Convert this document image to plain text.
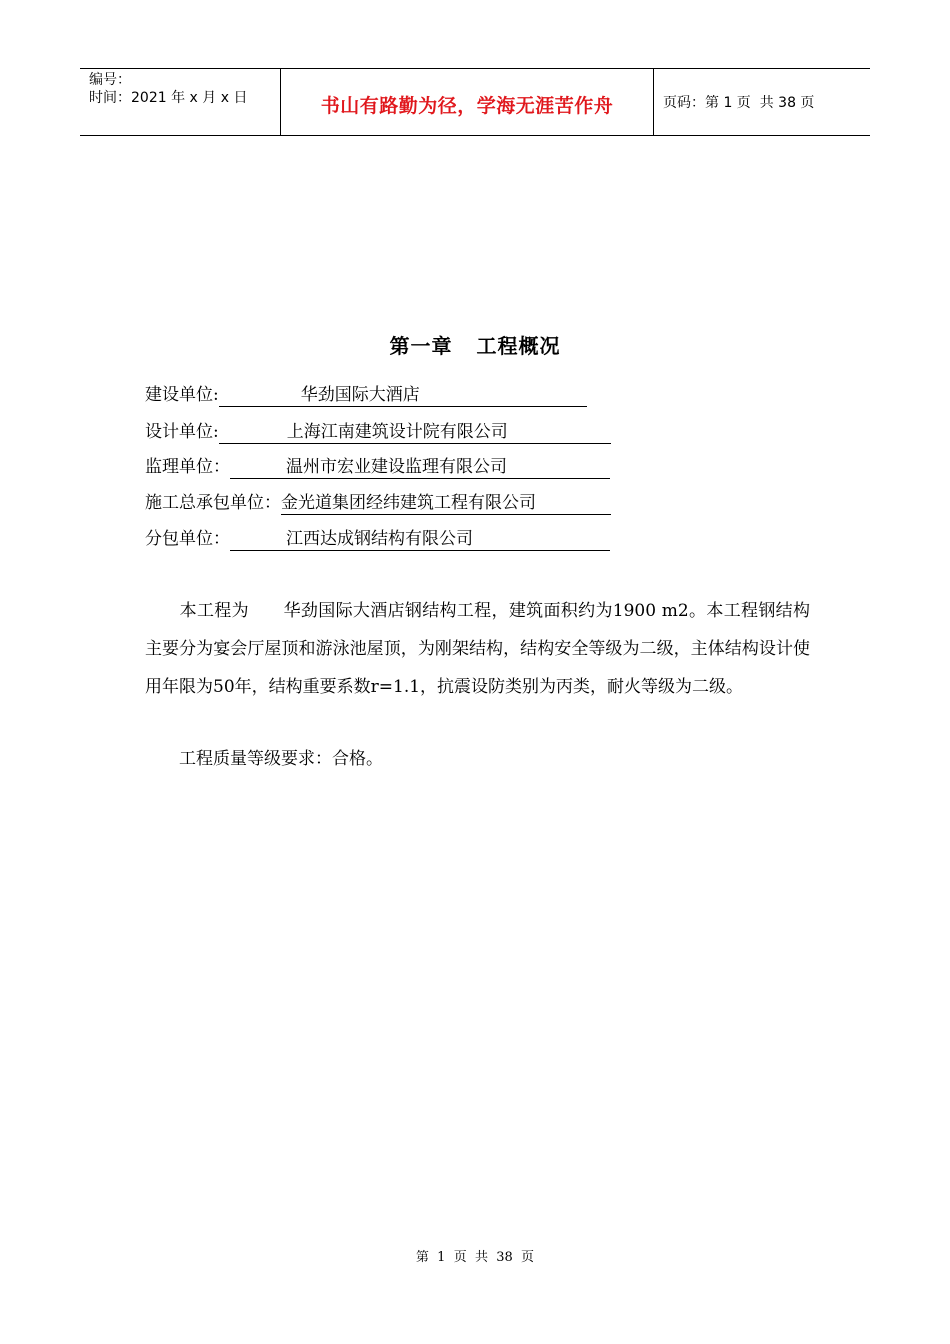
编号：
时间：2021 年 x 月 x 日	书山有路勤为径，学海无涯苦作舟	页码：第 1 页  共 38 页
第一章 工程概况
建设单位:	华劲国际大酒店
设计单位:	上海江南建筑设计院有限公司
监理单位：	温州市宏业建设监理有限公司
施工总承包单位：金光道集团经纬建筑工程有限公司
分包单位：	江西达成钢结构有限公司
　　本工程为　　华劲国际大酒店钢结构工程，建筑面积约为1900 m2。本工程钢结构主要分为宴会厅屋顶和游泳池屋顶，为刚架结构，结构安全等级为二级，主体结构设计使用年限为50年，结构重要系数r=1.1，抗震设防类别为丙类，耐火等级为二级。
　　工程质量等级要求：合格。
第  1  页  共  38  页
